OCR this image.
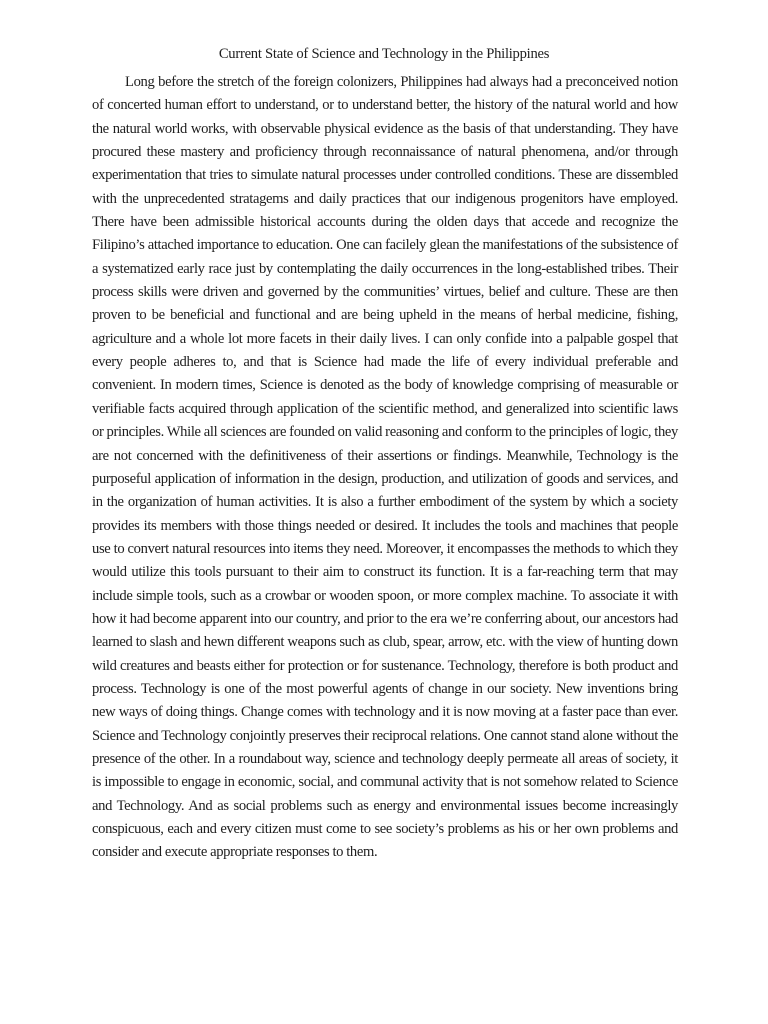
Current State of Science and Technology in the Philippines

Long before the stretch of the foreign colonizers, Philippines had always had a preconceived notion of concerted human effort to understand, or to understand better, the history of the natural world and how the natural world works, with observable physical evidence as the basis of that understanding. They have procured these mastery and proficiency through reconnaissance of natural phenomena, and/or through experimentation that tries to simulate natural processes under controlled conditions. These are dissembled with the unprecedented stratagems and daily practices that our indigenous progenitors have employed. There have been admissible historical accounts during the olden days that accede and recognize the Filipino’s attached importance to education. One can facilely glean the manifestations of the subsistence of a systematized early race just by contemplating the daily occurrences in the long-established tribes. Their process skills were driven and governed by the communities’ virtues, belief and culture. These are then proven to be beneficial and functional and are being upheld in the means of herbal medicine, fishing, agriculture and a whole lot more facets in their daily lives. I can only confide into a palpable gospel that every people adheres to, and that is Science had made the life of every individual preferable and convenient. In modern times, Science is denoted as the body of knowledge comprising of measurable or verifiable facts acquired through application of the scientific method, and generalized into scientific laws or principles. While all sciences are founded on valid reasoning and conform to the principles of logic, they are not concerned with the definitiveness of their assertions or findings. Meanwhile, Technology is the purposeful application of information in the design, production, and utilization of goods and services, and in the organization of human activities. It is also a further embodiment of the system by which a society provides its members with those things needed or desired. It includes the tools and machines that people use to convert natural resources into items they need. Moreover, it encompasses the methods to which they would utilize this tools pursuant to their aim to construct its function. It is a far-reaching term that may include simple tools, such as a crowbar or wooden spoon, or more complex machine. To associate it with how it had become apparent into our country, and prior to the era we’re conferring about, our ancestors had learned to slash and hewn different weapons such as club, spear, arrow, etc. with the view of hunting down wild creatures and beasts either for protection or for sustenance. Technology, therefore is both product and process. Technology is one of the most powerful agents of change in our society. New inventions bring new ways of doing things. Change comes with technology and it is now moving at a faster pace than ever. Science and Technology conjointly preserves their reciprocal relations. One cannot stand alone without the presence of the other. In a roundabout way, science and technology deeply permeate all areas of society, it is impossible to engage in economic, social, and communal activity that is not somehow related to Science and Technology. And as social problems such as energy and environmental issues become increasingly conspicuous, each and every citizen must come to see society’s problems as his or her own problems and consider and execute appropriate responses to them.
